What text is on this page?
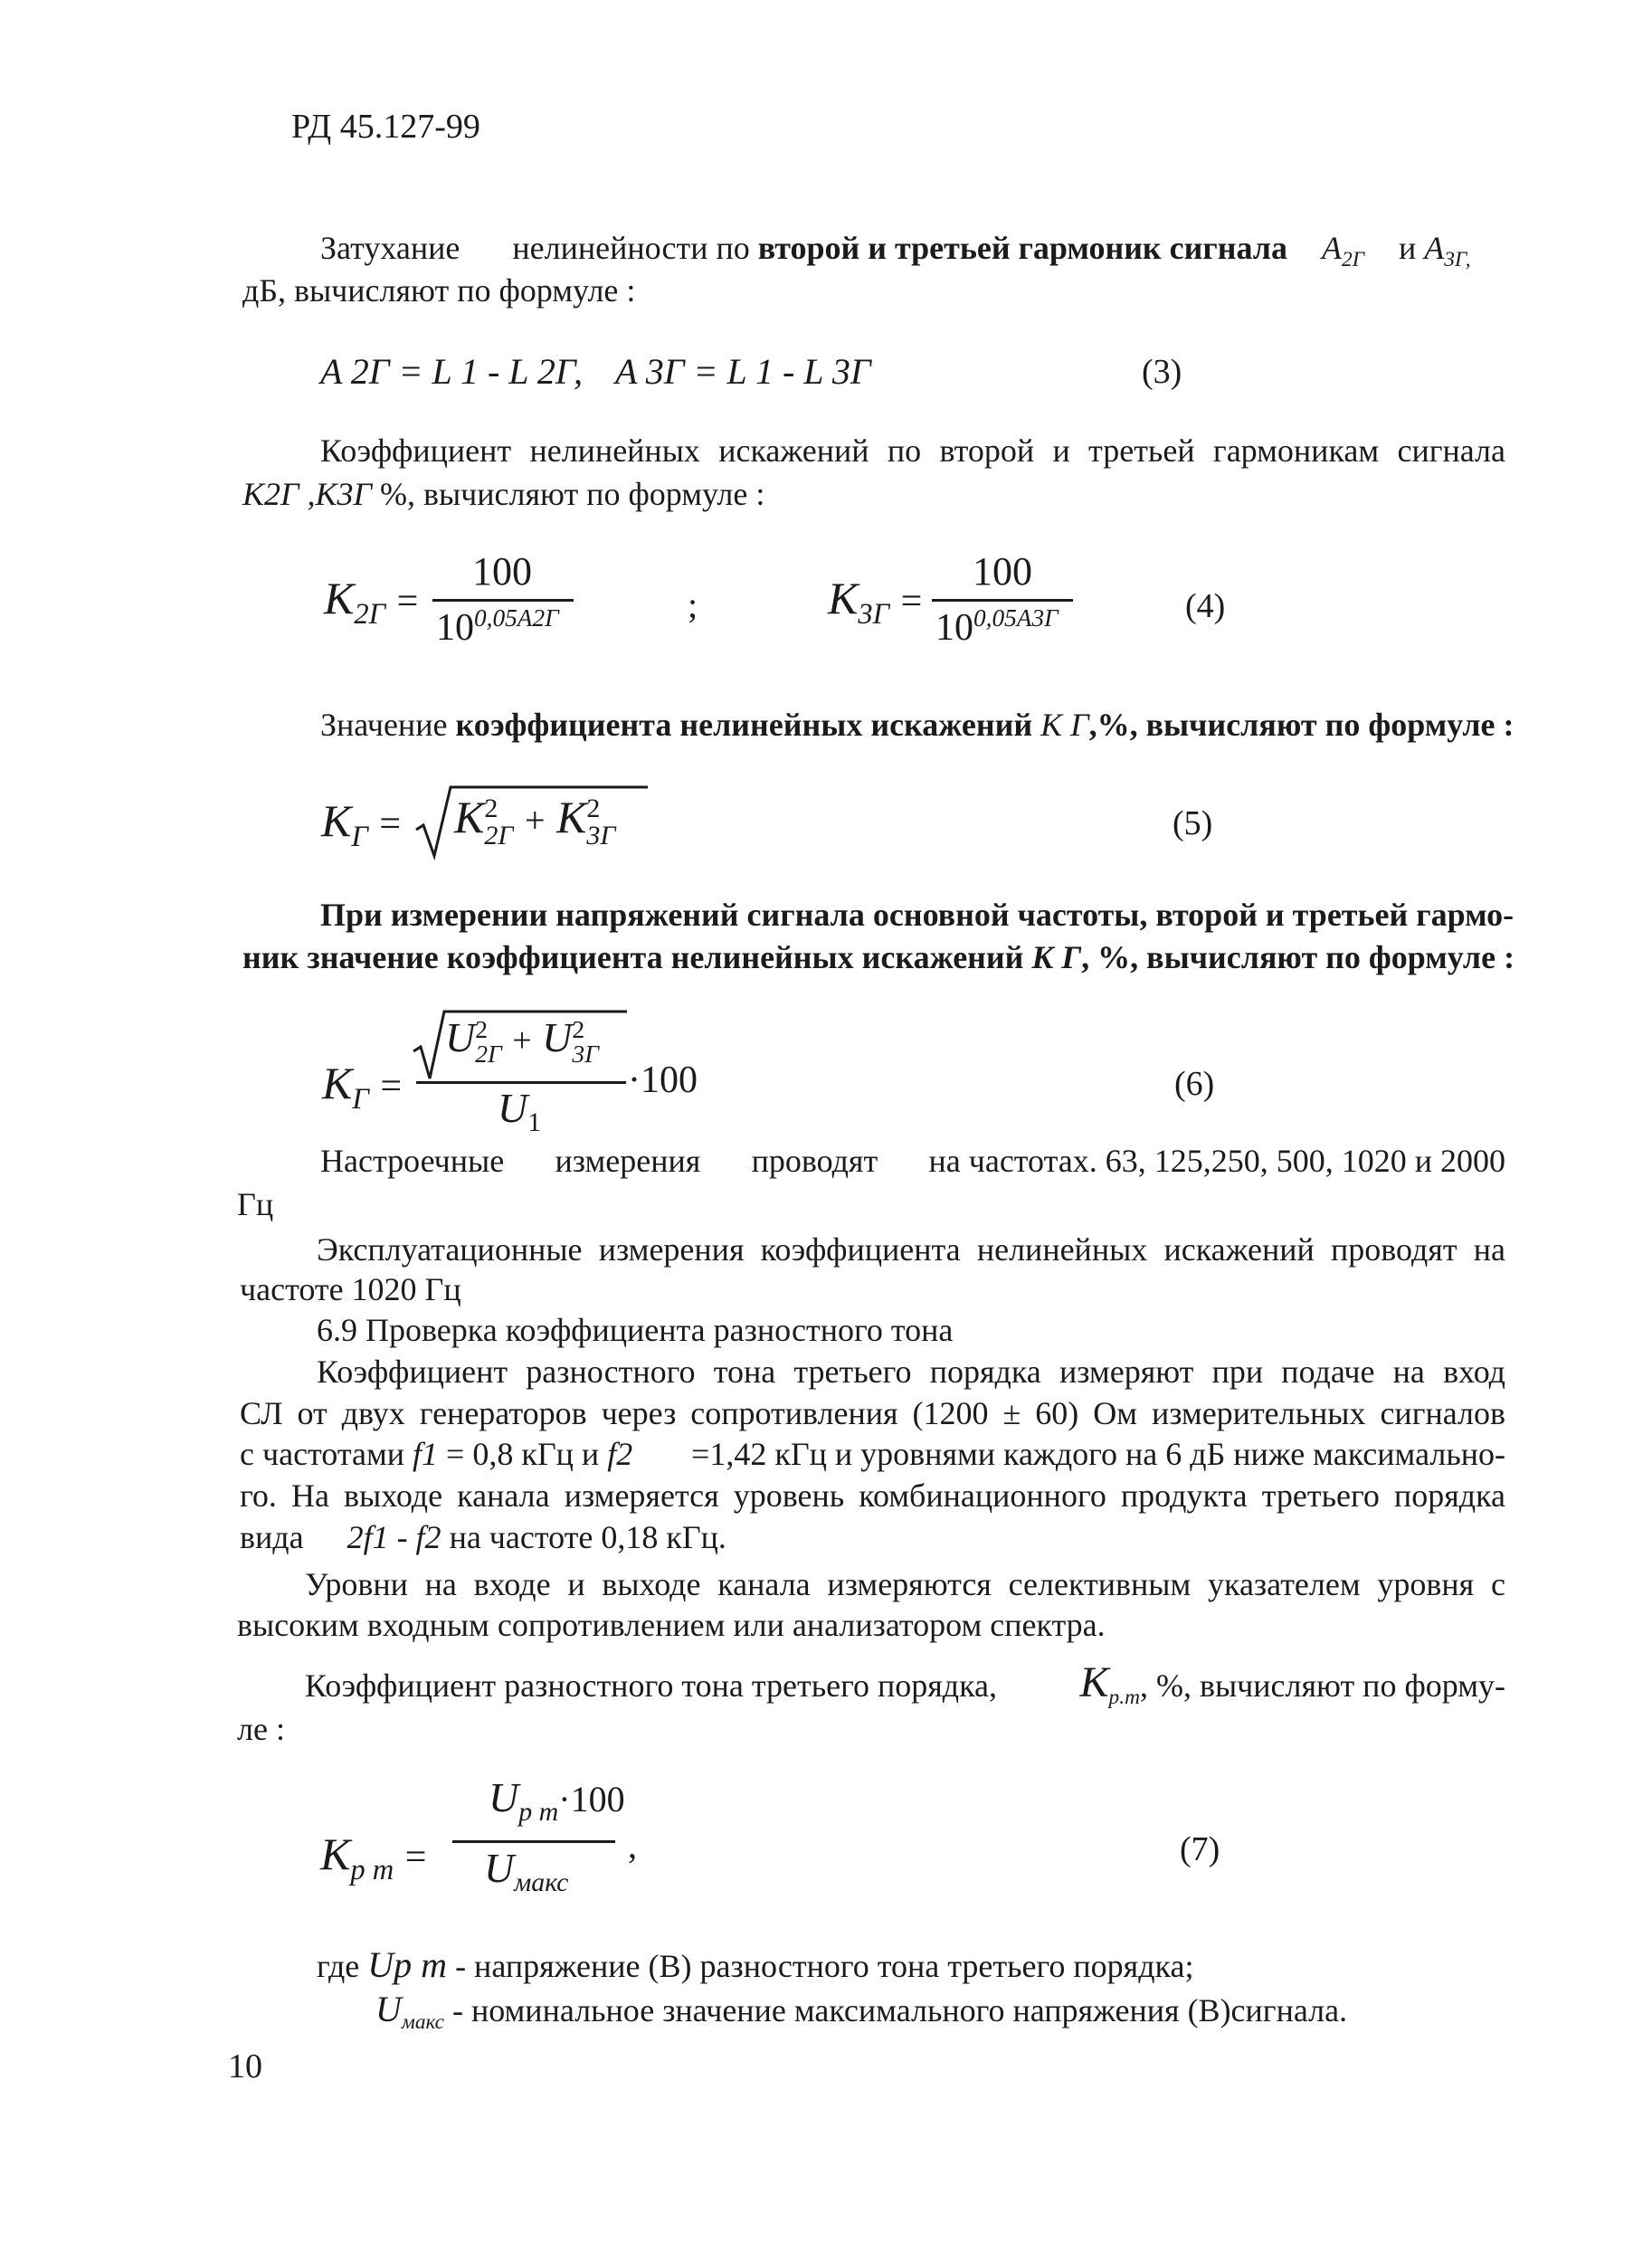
РД 45.127-99
Затухание нелинейности по второй и третьей гармоник сигнала $A_{2Г}$ и $A_{3Г,}$
дБ, вычисляют по формуле :
A 2Г = L 1 - L 2Г, A 3Г = L 1 - L 3Г	(3)
Коэффициент нелинейных искажений по второй и третьей гармоникам сигнала
K2Г ,K3Г %, вычисляют по формуле :
$K_{2Г}$ =
100
$10^{0,05A2Г}$	;	$K_{3Г}$ =
100
$10^{0,05A3Г}$	(4)
Значение коэффициента нелинейных искажений K Г,%, вычисляют по формуле :
$K_Г = K$ 2
2Г + K 2
3Г	(5)
При измерении напряжений сигнала основной частоты, второй и третьей гармо-
ник значение коэффициента нелинейных искажений K Г, %, вычисляют по формуле :
$K_Г$ =
U 2
2Г + U 2
3Г
$U_1$
·100	(6)
Настроечные измерения проводят на частотах. 63, 125,250, 500, 1020 и 2000
Гц
Эксплуатационные измерения коэффициента нелинейных искажений проводят на
частоте 1020 Гц
6.9 Проверка коэффициента разностного тона
Коэффициент разностного тона третьего порядка измеряют при подаче на вход
СЛ от двух генераторов через сопротивления (1200 ± 60) Ом измерительных сигналов
с частотами f1 = 0,8 кГц и f2 =1,42 кГц и уровнями каждого на 6 дБ ниже максимально-
го. На выходе канала измеряется уровень комбинационного продукта третьего порядка
вида 2f1 - f2 на частоте 0,18 кГц.
Уровни на входе и выходе канала измеряются селективным указателем уровня с
высоким входным сопротивлением или анализатором спектра.
Коэффициент разностного тона третьего порядка, $K_{р.т}$, %, вычисляют по форму-
ле :
$K_{р т}$ =
$U_{р т}\cdot 100$
$U_{макс}$
,	(7)
где Uр т - напряжение (В) разностного тона третьего порядка;
$U_{макс}$ - номинальное значение максимального напряжения (В)сигнала.
10
